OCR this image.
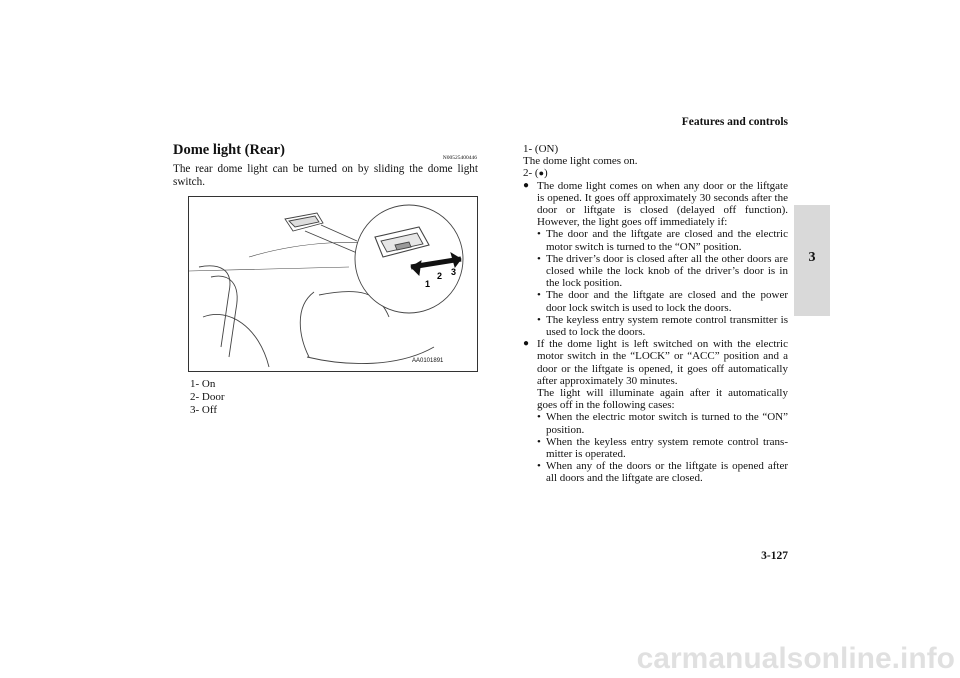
Features and controls
3
3-127
Dome light (Rear)	N00525400446
The rear dome light can be turned on by sliding the dome light switch.
1
2 3
AA0101891
1- On
2- Door
3- Off
1- (ON)
The dome light comes on.
2- (●)
● The dome light comes on when any door or the liftgate is opened. It goes off approximately 30 seconds after the door or liftgate is closed (delayed off function). However, the light goes off immediately if:
• The door and the liftgate are closed and the electric motor switch is turned to the “ON” position.
• The driver’s door is closed after all the other doors are closed while the lock knob of the driver’s door is in the lock position.
• The door and the liftgate are closed and the power door lock switch is used to lock the doors.
• The keyless entry system remote control transmitter is used to lock the doors.
● If the dome light is left switched on with the electric motor switch in the “LOCK” or “ACC” position and a door or the liftgate is opened, it goes off automatically after approximately 30 minutes.
The light will illuminate again after it automatically goes off in the following cases:
• When the electric motor switch is turned to the “ON” position.
• When the keyless entry system remote control trans-mitter is operated.
• When any of the doors or the liftgate is opened after all doors and the liftgate are closed.
carmanualsonline.info
